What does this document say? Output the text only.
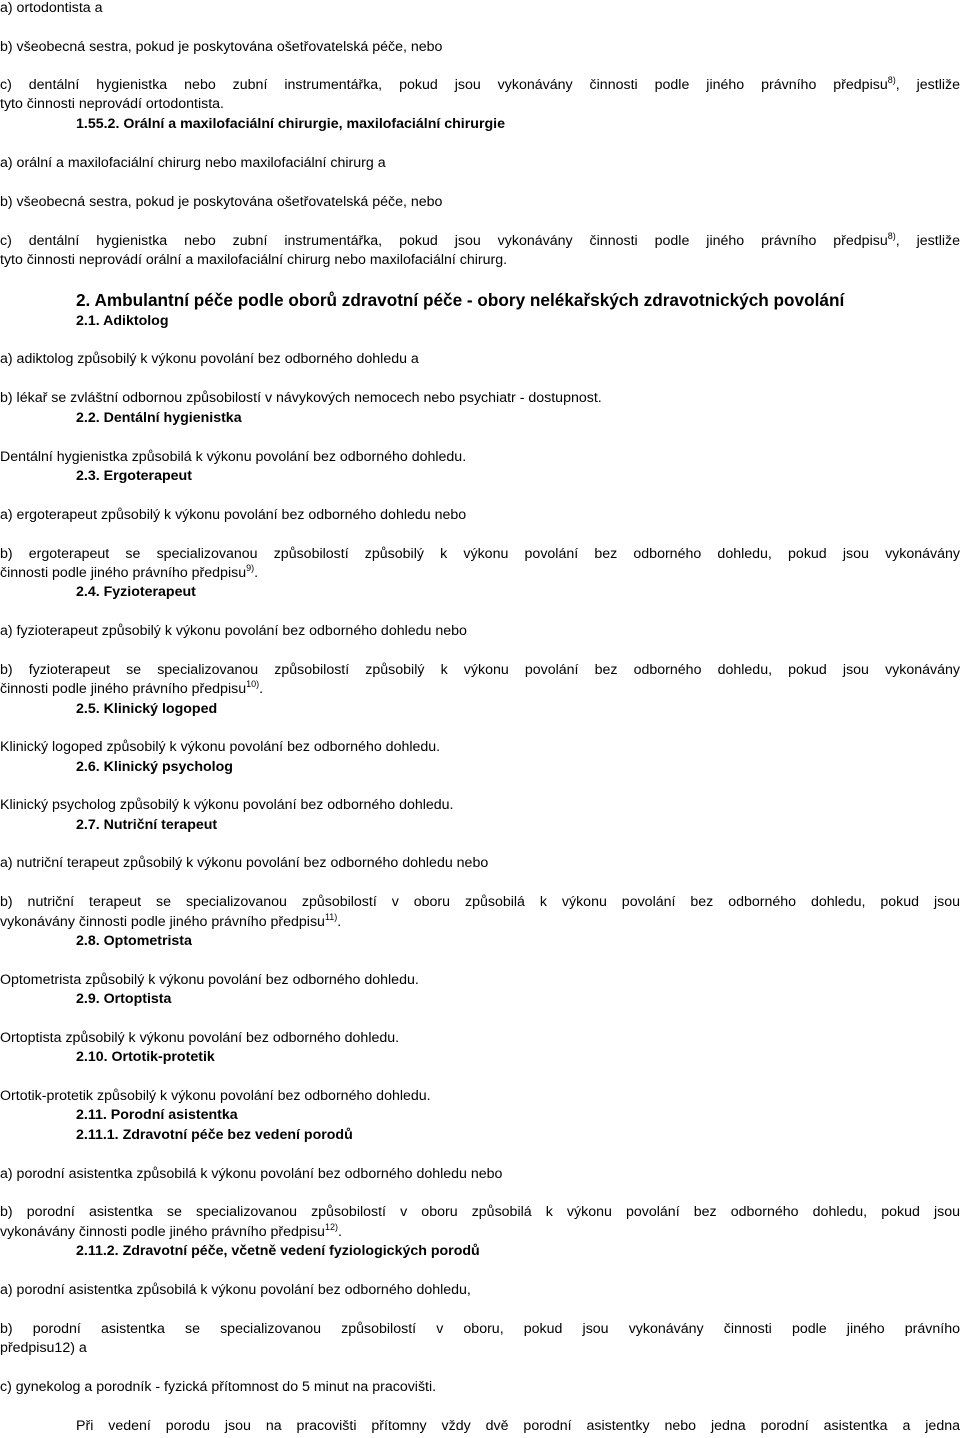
a) ortodontista a

b) všeobecná sestra, pokud je poskytována ošetřovatelská péče, nebo

c) dentální hygienistka nebo zubní instrumentářka, pokud jsou vykonávány činnosti podle jiného právního předpisu$^{8)}$, jestliže

tyto činnosti neprovádí ortodontista.

1.55.2. Orální a maxilofaciální chirurgie, maxilofaciální chirurgie

a) orální a maxilofaciální chirurg nebo maxilofaciální chirurg a

b) všeobecná sestra, pokud je poskytována ošetřovatelská péče, nebo

c) dentální hygienistka nebo zubní instrumentářka, pokud jsou vykonávány činnosti podle jiného právního předpisu$^{8)}$, jestliže

tyto činnosti neprovádí orální a maxilofaciální chirurg nebo maxilofaciální chirurg.

2. Ambulantní péče podle oborů zdravotní péče - obory nelékařských zdravotnických povolání

2.1. Adiktolog

a) adiktolog způsobilý k výkonu povolání bez odborného dohledu a

b) lékař se zvláštní odbornou způsobilostí v návykových nemocech nebo psychiatr - dostupnost.

2.2. Dentální hygienistka

Dentální hygienistka způsobilá k výkonu povolání bez odborného dohledu.

2.3. Ergoterapeut

a) ergoterapeut způsobilý k výkonu povolání bez odborného dohledu nebo

b) ergoterapeut se specializovanou způsobilostí způsobilý k výkonu povolání bez odborného dohledu, pokud jsou vykonávány

činnosti podle jiného právního předpisu$^{9)}$.

2.4. Fyzioterapeut

a) fyzioterapeut způsobilý k výkonu povolání bez odborného dohledu nebo

b) fyzioterapeut se specializovanou způsobilostí způsobilý k výkonu povolání bez odborného dohledu, pokud jsou vykonávány

činnosti podle jiného právního předpisu$^{10)}$.

2.5. Klinický logoped

Klinický logoped způsobilý k výkonu povolání bez odborného dohledu.

2.6. Klinický psycholog

Klinický psycholog způsobilý k výkonu povolání bez odborného dohledu.

2.7. Nutriční terapeut

a) nutriční terapeut způsobilý k výkonu povolání bez odborného dohledu nebo

b) nutriční terapeut se specializovanou způsobilostí v oboru způsobilá k výkonu povolání bez odborného dohledu, pokud jsou

vykonávány činnosti podle jiného právního předpisu$^{11)}$.

2.8. Optometrista

Optometrista způsobilý k výkonu povolání bez odborného dohledu.

2.9. Ortoptista

Ortoptista způsobilý k výkonu povolání bez odborného dohledu.

2.10. Ortotik-protetik

Ortotik-protetik způsobilý k výkonu povolání bez odborného dohledu.

2.11. Porodní asistentka

2.11.1. Zdravotní péče bez vedení porodů

a) porodní asistentka způsobilá k výkonu povolání bez odborného dohledu nebo

b) porodní asistentka se specializovanou způsobilostí v oboru způsobilá k výkonu povolání bez odborného dohledu, pokud jsou

vykonávány činnosti podle jiného právního předpisu$^{12)}$.

2.11.2. Zdravotní péče, včetně vedení fyziologických porodů

a) porodní asistentka způsobilá k výkonu povolání bez odborného dohledu,

b) porodní asistentka se specializovanou způsobilostí v oboru, pokud jsou vykonávány činnosti podle jiného právního

předpisu12) a

c) gynekolog a porodník - fyzická přítomnost do 5 minut na pracovišti.

Při vedení porodu jsou na pracovišti přítomny vždy dvě porodní asistentky nebo jedna porodní asistentka a jedna
